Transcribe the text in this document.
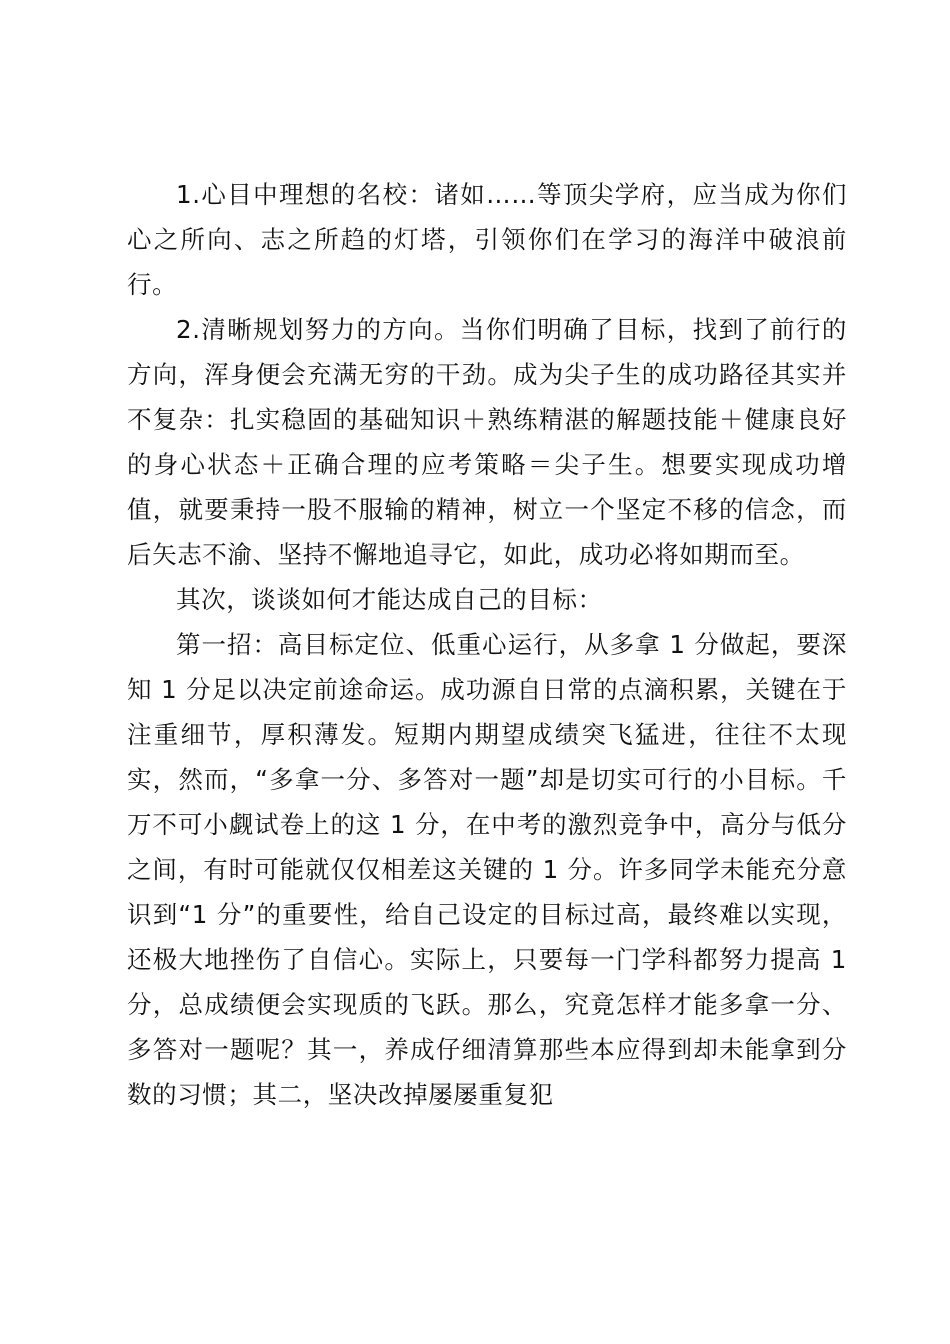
1.心目中理想的名校：诸如……等顶尖学府，应当成为你们心之所向、志之所趋的灯塔，引领你们在学习的海洋中破浪前行。

2.清晰规划努力的方向。当你们明确了目标，找到了前行的方向，浑身便会充满无穷的干劲。成为尖子生的成功路径其实并不复杂：扎实稳固的基础知识＋熟练精湛的解题技能＋健康良好的身心状态＋正确合理的应考策略＝尖子生。想要实现成功增值，就要秉持一股不服输的精神，树立一个坚定不移的信念，而后矢志不渝、坚持不懈地追寻它，如此，成功必将如期而至。

其次，谈谈如何才能达成自己的目标：

第一招：高目标定位、低重心运行，从多拿 1 分做起，要深知 1 分足以决定前途命运。成功源自日常的点滴积累，关键在于注重细节，厚积薄发。短期内期望成绩突飞猛进，往往不太现实，然而，“多拿一分、多答对一题”却是切实可行的小目标。千万不可小觑试卷上的这 1 分，在中考的激烈竞争中，高分与低分之间，有时可能就仅仅相差这关键的 1 分。许多同学未能充分意识到“1 分”的重要性，给自己设定的目标过高，最终难以实现，还极大地挫伤了自信心。实际上，只要每一门学科都努力提高 1 分，总成绩便会实现质的飞跃。那么，究竟怎样才能多拿一分、多答对一题呢？其一，养成仔细清算那些本应得到却未能拿到分数的习惯；其二，坚决改掉屡屡重复犯
